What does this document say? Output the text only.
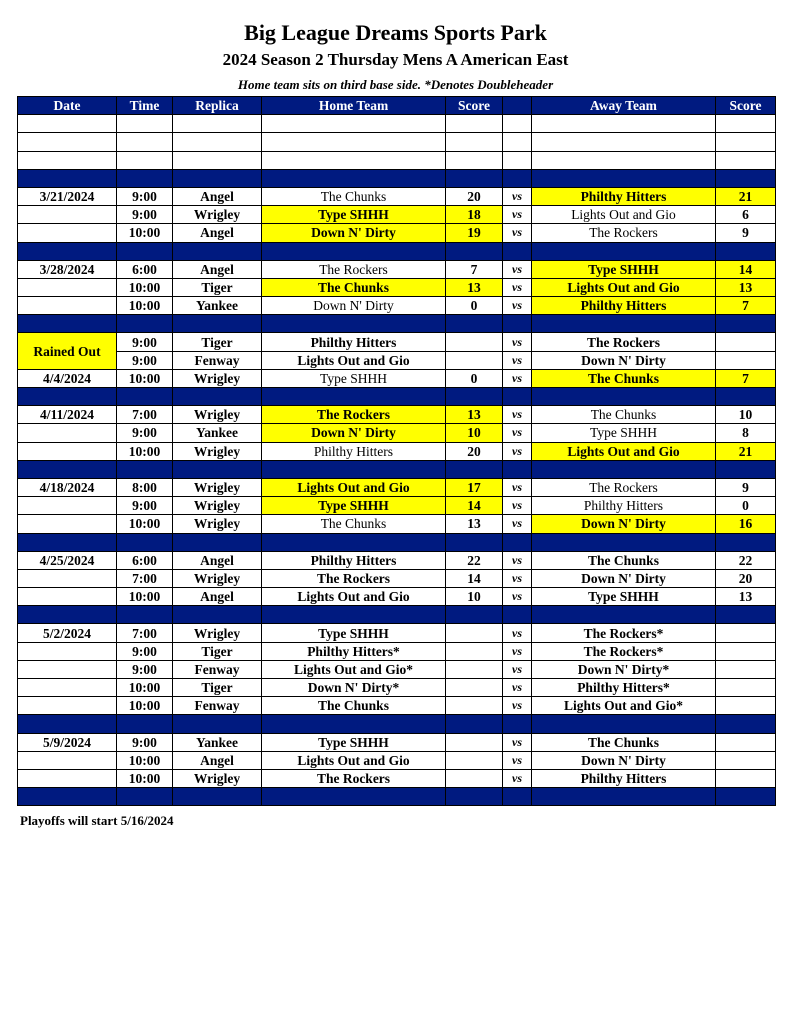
Big League Dreams Sports Park
2024 Season 2 Thursday Mens A American East
Home team sits on third base side. *Denotes Doubleheader
Date	Time	Replica	Home Team	Score		Away Team	Score

3/21/2024	9:00	Angel	The Chunks	20	vs	Philthy Hitters	21
	9:00	Wrigley	Type SHHH	18	vs	Lights Out and Gio	6
	10:00	Angel	Down N' Dirty	19	vs	The Rockers	9

3/28/2024	6:00	Angel	The Rockers	7	vs	Type SHHH	14
	10:00	Tiger	The Chunks	13	vs	Lights Out and Gio	13
	10:00	Yankee	Down N' Dirty	0	vs	Philthy Hitters	7

Rained Out	9:00	Tiger	Philthy Hitters		vs	The Rockers	
	9:00	Fenway	Lights Out and Gio		vs	Down N' Dirty	
4/4/2024	10:00	Wrigley	Type SHHH	0	vs	The Chunks	7

4/11/2024	7:00	Wrigley	The Rockers	13	vs	The Chunks	10
	9:00	Yankee	Down N' Dirty	10	vs	Type SHHH	8
	10:00	Wrigley	Philthy Hitters	20	vs	Lights Out and Gio	21

4/18/2024	8:00	Wrigley	Lights Out and Gio	17	vs	The Rockers	9
	9:00	Wrigley	Type SHHH	14	vs	Philthy Hitters	0
	10:00	Wrigley	The Chunks	13	vs	Down N' Dirty	16

4/25/2024	6:00	Angel	Philthy Hitters	22	vs	The Chunks	22
	7:00	Wrigley	The Rockers	14	vs	Down N' Dirty	20
	10:00	Angel	Lights Out and Gio	10	vs	Type SHHH	13

5/2/2024	7:00	Wrigley	Type SHHH		vs	The Rockers*	
	9:00	Tiger	Philthy Hitters*		vs	The Rockers*	
	9:00	Fenway	Lights Out and Gio*		vs	Down N' Dirty*	
	10:00	Tiger	Down N' Dirty*		vs	Philthy Hitters*	
	10:00	Fenway	The Chunks		vs	Lights Out and Gio*	

5/9/2024	9:00	Yankee	Type SHHH		vs	The Chunks	
	10:00	Angel	Lights Out and Gio		vs	Down N' Dirty	
	10:00	Wrigley	The Rockers		vs	Philthy Hitters	

Playoffs will start 5/16/2024
